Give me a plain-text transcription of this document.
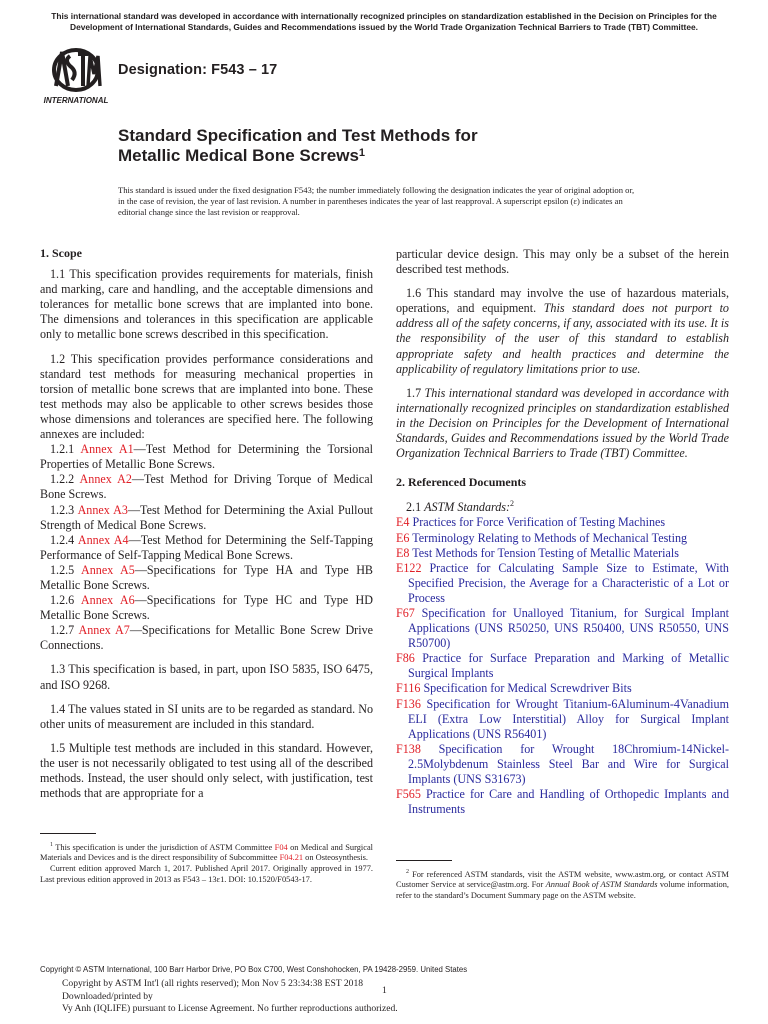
This international standard was developed in accordance with internationally recognized principles on standardization established in the Decision on Principles for the
Development of International Standards, Guides and Recommendations issued by the World Trade Organization Technical Barriers to Trade (TBT) Committee.
INTERNATIONAL
Designation: F543 – 17
Standard Specification and Test Methods for
Metallic Medical Bone Screws$^1$
This standard is issued under the fixed designation F543; the number immediately following the designation indicates the year of original adoption or, in the case of revision, the year of last revision. A number in parentheses indicates the year of last reapproval. A superscript epsilon (ε) indicates an editorial change since the last revision or reapproval.
1. Scope
1.1 This specification provides requirements for materials, finish and marking, care and handling, and the acceptable dimensions and tolerances for metallic bone screws that are implanted into bone. The dimensions and tolerances in this specification are applicable only to metallic bone screws described in this specification.
1.2 This specification provides performance considerations and standard test methods for measuring mechanical properties in torsion of metallic bone screws that are implanted into bone. These test methods may also be applicable to other screws besides those whose dimensions and tolerances are specified here. The following annexes are included:
1.2.1 Annex A1—Test Method for Determining the Torsional Properties of Metallic Bone Screws.
1.2.2 Annex A2—Test Method for Driving Torque of Medical Bone Screws.
1.2.3 Annex A3—Test Method for Determining the Axial Pullout Strength of Medical Bone Screws.
1.2.4 Annex A4—Test Method for Determining the Self-Tapping Performance of Self-Tapping Medical Bone Screws.
1.2.5 Annex A5—Specifications for Type HA and Type HB Metallic Bone Screws.
1.2.6 Annex A6—Specifications for Type HC and Type HD Metallic Bone Screws.
1.2.7 Annex A7—Specifications for Metallic Bone Screw Drive Connections.
1.3 This specification is based, in part, upon ISO 5835, ISO 6475, and ISO 9268.
1.4 The values stated in SI units are to be regarded as standard. No other units of measurement are included in this standard.
1.5 Multiple test methods are included in this standard. However, the user is not necessarily obligated to test using all of the described methods. Instead, the user should only select, with justification, test methods that are appropriate for a
particular device design. This may only be a subset of the herein described test methods.
1.6 This standard may involve the use of hazardous materials, operations, and equipment. This standard does not purport to address all of the safety concerns, if any, associated with its use. It is the responsibility of the user of this standard to establish appropriate safety and health practices and determine the applicability of regulatory limitations prior to use.
1.7 This international standard was developed in accordance with internationally recognized principles on standardization established in the Decision on Principles for the Development of International Standards, Guides and Recommendations issued by the World Trade Organization Technical Barriers to Trade (TBT) Committee.
2. Referenced Documents
2.1 ASTM Standards:$^2$
E4 Practices for Force Verification of Testing Machines
E6 Terminology Relating to Methods of Mechanical Testing
E8 Test Methods for Tension Testing of Metallic Materials
E122 Practice for Calculating Sample Size to Estimate, With Specified Precision, the Average for a Characteristic of a Lot or Process
F67 Specification for Unalloyed Titanium, for Surgical Implant Applications (UNS R50250, UNS R50400, UNS R50550, UNS R50700)
F86 Practice for Surface Preparation and Marking of Metallic Surgical Implants
F116 Specification for Medical Screwdriver Bits
F136 Specification for Wrought Titanium-6Aluminum-4Vanadium ELI (Extra Low Interstitial) Alloy for Surgical Implant Applications (UNS R56401)
F138 Specification for Wrought 18Chromium-14Nickel-2.5Molybdenum Stainless Steel Bar and Wire for Surgical Implants (UNS S31673)
F565 Practice for Care and Handling of Orthopedic Implants and Instruments

$^1$ This specification is under the jurisdiction of ASTM Committee F04 on Medical and Surgical Materials and Devices and is the direct responsibility of Subcommittee F04.21 on Osteosynthesis.

Current edition approved March 1, 2017. Published April 2017. Originally approved in 1977. Last previous edition approved in 2013 as F543 – 13ε1. DOI: 10.1520/F0543-17.

$^2$ For referenced ASTM standards, visit the ASTM website, www.astm.org, or contact ASTM Customer Service at service@astm.org. For Annual Book of ASTM Standards volume information, refer to the standard’s Document Summary page on the ASTM website.

Copyright © ASTM International, 100 Barr Harbor Drive, PO Box C700, West Conshohocken, PA 19428-2959. United States
Copyright by ASTM Int'l (all rights reserved); Mon Nov 5 23:34:38 EST 2018
Downloaded/printed by
Vy Anh (IQLIFE) pursuant to License Agreement. No further reproductions authorized.
1
